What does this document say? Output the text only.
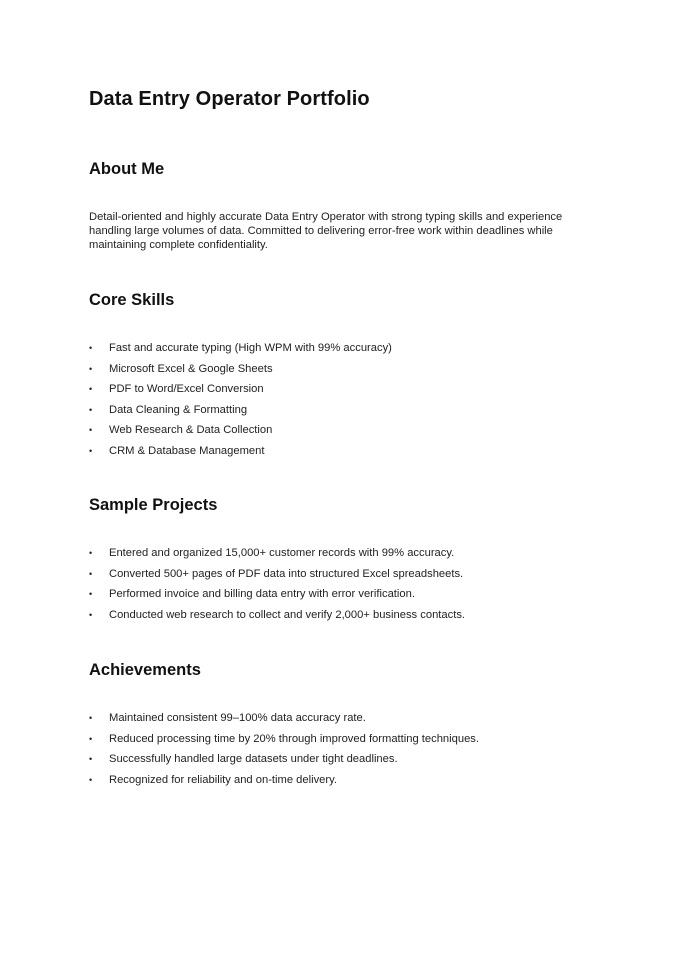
Data Entry Operator Portfolio
About Me

Detail-oriented and highly accurate Data Entry Operator with strong typing skills and experience handling large volumes of data. Committed to delivering error-free work within deadlines while maintaining complete confidentiality.

Core Skills
• Fast and accurate typing (High WPM with 99% accuracy)
• Microsoft Excel & Google Sheets
• PDF to Word/Excel Conversion
• Data Cleaning & Formatting
• Web Research & Data Collection
• CRM & Database Management
Sample Projects
• Entered and organized 15,000+ customer records with 99% accuracy.
• Converted 500+ pages of PDF data into structured Excel spreadsheets.
• Performed invoice and billing data entry with error verification.
• Conducted web research to collect and verify 2,000+ business contacts.
Achievements
• Maintained consistent 99–100% data accuracy rate.
• Reduced processing time by 20% through improved formatting techniques.
• Successfully handled large datasets under tight deadlines.
• Recognized for reliability and on-time delivery.
